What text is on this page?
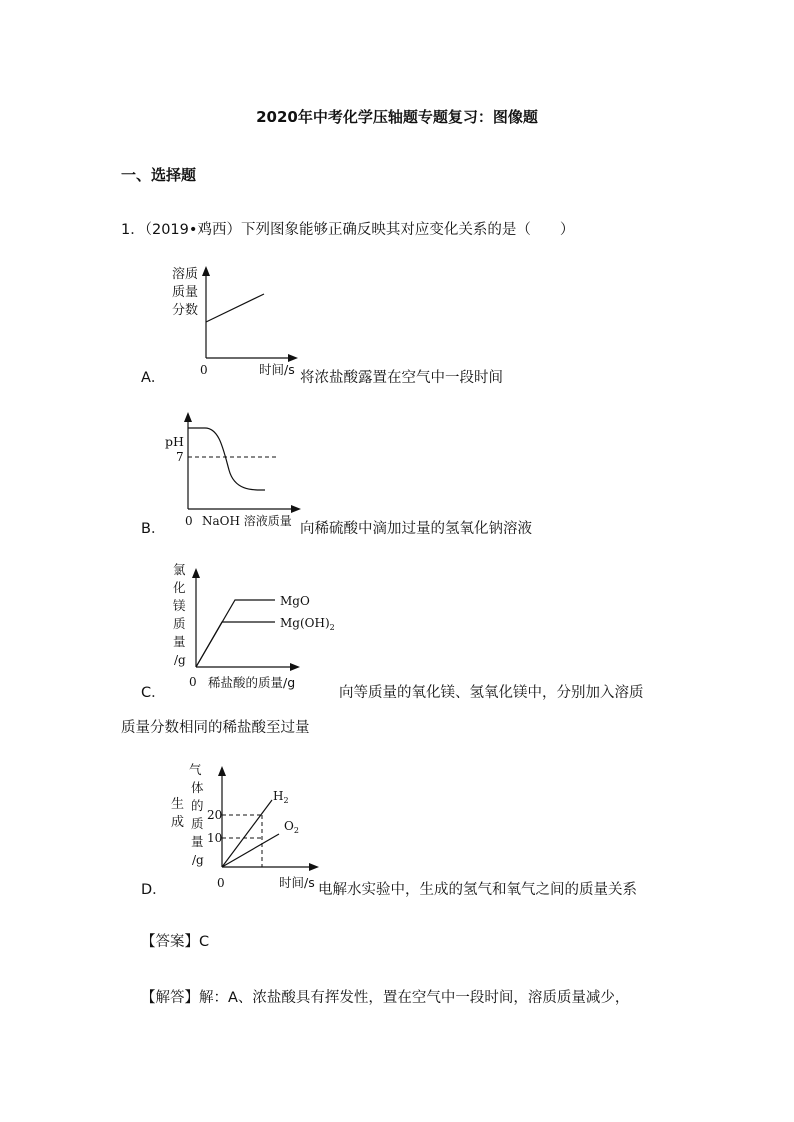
2020年中考化学压轴题专题复习：图像题
一、选择题
1．（2019•鸡西）下列图象能够正确反映其对应变化关系的是（　　）
溶质
质量
分数
0	时间/s
A．	将浓盐酸露置在空气中一段时间
pH
7
0 NaOH 溶液质量
B．	向稀硫酸中滴加过量的氢氧化钠溶液
氯
化
镁
质
量
/g
MgO
$Mg(OH)_2$
0 稀盐酸的质量/g
C．	向等质量的氧化镁、氢氧化镁中，分别加入溶质
质量分数相同的稀盐酸至过量
生
成
气
体
的
质
量
/g
20
10
$H_2$
$O_2$
0	时间/s
D．	电解水实验中，生成的氢气和氧气之间的质量关系
【答案】C
【解答】解：A、浓盐酸具有挥发性，置在空气中一段时间，溶质质量减少，
